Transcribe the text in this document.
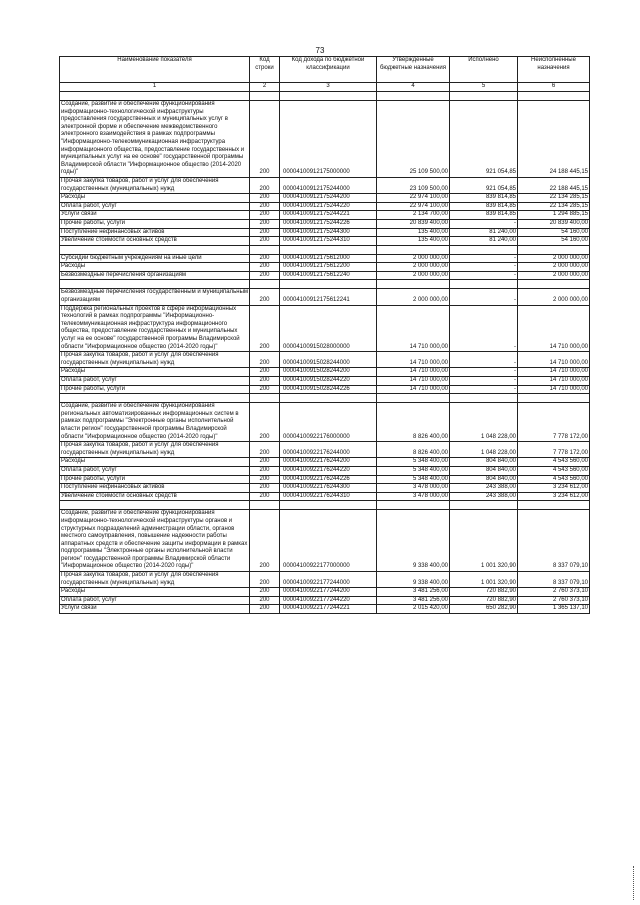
73
Наименование показателя	Код строки	Код дохода по бюджетной классификации	Утвержденные бюджетные назначения	Исполнено	Неисполненные назначения
1	2	3	4	5	6

Создание, развитие и обеспечение функционирования информационно-технологической инфраструктуры предоставления государственных и муниципальных услуг в электронной форме и обеспечение межведомственного электронного взаимодействия в рамках подпрограммы "Информационно-телекоммуникационная инфраструктура информационного общества, предоставление государственных и муниципальных услуг на ее основе" государственной программы Владимирской области "Информационное общество (2014-2020 годы)"	200	00004100912175000000	25 109 500,00	921 054,85	24 188 445,15
Прочая закупка товаров, работ и услуг для обеспечения государственных (муниципальных) нужд	200	00004100912175244000	23 109 500,00	921 054,85	22 188 445,15
Расходы	200	00004100912175244200	22 974 100,00	839 814,85	22 134 285,15
Оплата работ, услуг	200	00004100912175244220	22 974 100,00	839 814,85	22 134 285,15
Услуги связи	200	00004100912175244221	2 134 700,00	839 814,85	1 294 885,15
Прочие работы, услуги	200	00004100912175244226	20 839 400,00	-	20 839 400,00
Поступление нефинансовых активов	200	00004100912175244300	135 400,00	81 240,00	54 160,00
Увеличение стоимости основных средств	200	00004100912175244310	135 400,00	81 240,00	54 160,00

Субсидии бюджетным учреждениям на иные цели	200	00004100912175612000	2 000 000,00	-	2 000 000,00
Расходы	200	00004100912175612200	2 000 000,00	-	2 000 000,00
Безвозмездные перечисления организациям	200	00004100912175612240	2 000 000,00	-	2 000 000,00

Безвозмездные перечисления государственным и муниципальным организациям	200	00004100912175612241	2 000 000,00	-	2 000 000,00
Поддержка региональных проектов в сфере информационных технологий в рамках подпрограммы "Информационно-телекоммуникационная инфраструктура информационного общества, предоставление государственных и муниципальных услуг на ее основе" государственной программы Владимирской области "Информационное общество (2014-2020 годы)"	200	00004100915028000000	14 710 000,00	-	14 710 000,00
Прочая закупка товаров, работ и услуг для обеспечения государственных (муниципальных) нужд	200	00004100915028244000	14 710 000,00	-	14 710 000,00
Расходы	200	00004100915028244200	14 710 000,00	-	14 710 000,00
Оплата работ, услуг	200	00004100915028244220	14 710 000,00	-	14 710 000,00
Прочие работы, услуги	200	00004100915028244226	14 710 000,00	-	14 710 000,00

Создание, развитие и обеспечение функционирования региональных автоматизированных информационных систем в рамках подпрограммы "Электронные органы исполнительной власти регион" государственной программы Владимирской области "Информационное общество (2014-2020 годы)"	200	00004100922176000000	8 826 400,00	1 048 228,00	7 778 172,00
Прочая закупка товаров, работ и услуг для обеспечения государственных (муниципальных) нужд	200	00004100922176244000	8 826 400,00	1 048 228,00	7 778 172,00
Расходы	200	00004100922176244200	5 348 400,00	804 840,00	4 543 560,00
Оплата работ, услуг	200	00004100922176244220	5 348 400,00	804 840,00	4 543 560,00
Прочие работы, услуги	200	00004100922176244226	5 348 400,00	804 840,00	4 543 560,00
Поступление нефинансовых активов	200	00004100922176244300	3 478 000,00	243 388,00	3 234 612,00
Увеличение стоимости основных средств	200	00004100922176244310	3 478 000,00	243 388,00	3 234 612,00

Создание, развитие и обеспечение функционирования информационно-технологической инфраструктуры органов и структурных подразделений администрации области, органов местного самоуправления, повышение надежности работы аппаратных средств и обеспечение защиты информации в рамках подпрограммы "Электронные органы исполнительной власти регион" государственной программы Владимирской области "Информационное общество (2014-2020 годы)"	200	00004100922177000000	9 338 400,00	1 001 320,90	8 337 079,10
Прочая закупка товаров, работ и услуг для обеспечения государственных (муниципальных) нужд	200	00004100922177244000	9 338 400,00	1 001 320,90	8 337 079,10
Расходы	200	00004100922177244200	3 481 256,00	720 882,90	2 760 373,10
Оплата работ, услуг	200	00004100922177244220	3 481 256,00	720 882,90	2 760 373,10
Услуги связи	200	00004100922177244221	2 015 420,00	650 282,90	1 365 137,10
